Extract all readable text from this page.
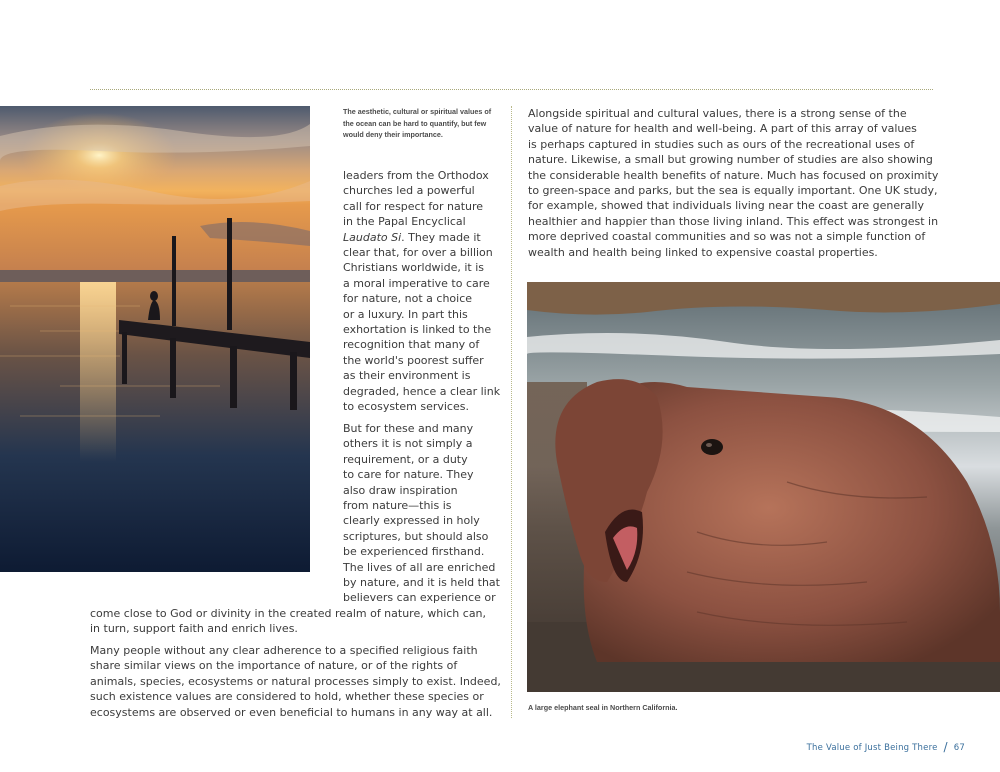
The aesthetic, cultural or spiritual values of
the ocean can be hard to quantify, but few
would deny their importance.
leaders from the Orthodox
churches led a powerful
call for respect for nature
in the Papal Encyclical
Laudato Si. They made it
clear that, for over a billion
Christians worldwide, it is
a moral imperative to care
for nature, not a choice
or a luxury. In part this
exhortation is linked to the
recognition that many of
the world's poorest suffer
as their environment is
degraded, hence a clear link
to ecosystem services.
But for these and many
others it is not simply a
requirement, or a duty
to care for nature. They
also draw inspiration
from nature—this is
clearly expressed in holy
scriptures, but should also
be experienced firsthand.
The lives of all are enriched
by nature, and it is held that
believers can experience or
come close to God or divinity in the created realm of nature, which can,
in turn, support faith and enrich lives.
Many people without any clear adherence to a specified religious faith
share similar views on the importance of nature, or of the rights of
animals, species, ecosystems or natural processes simply to exist. Indeed,
such existence values are considered to hold, whether these species or
ecosystems are observed or even beneficial to humans in any way at all.
Alongside spiritual and cultural values, there is a strong sense of the
value of nature for health and well-being. A part of this array of values
is perhaps captured in studies such as ours of the recreational uses of
nature. Likewise, a small but growing number of studies are also showing
the considerable health benefits of nature. Much has focused on proximity
to green-space and parks, but the sea is equally important. One UK study,
for example, showed that individuals living near the coast are generally
healthier and happier than those living inland. This effect was strongest in
more deprived coastal communities and so was not a simple function of
wealth and health being linked to expensive coastal properties.
A large elephant seal in Northern California.
The Value of Just Being There / 67
